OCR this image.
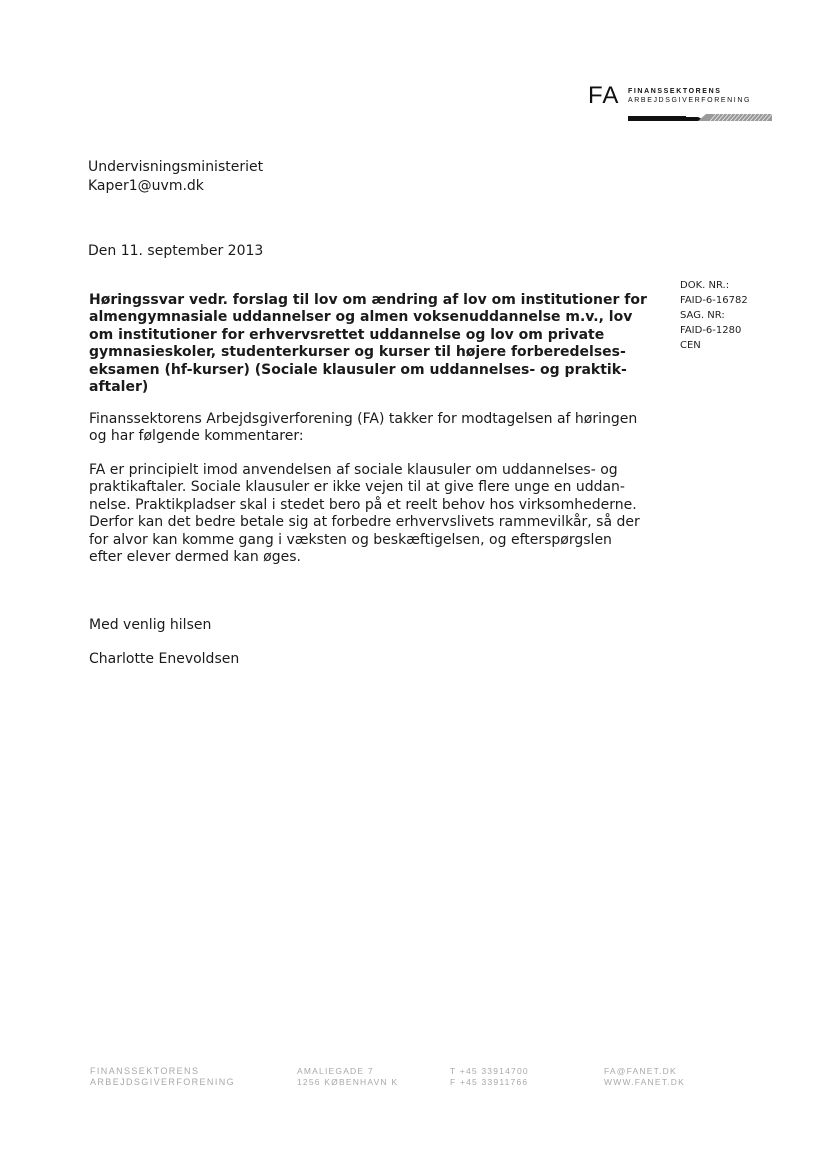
FA FINANSSEKTORENS
ARBEJDSGIVERFORENING
Undervisningsministeriet
Kaper1@uvm.dk
Den 11. september 2013
DOK. NR.:
FAID-6-16782
SAG. NR:
FAID-6-1280
CEN
Høringssvar vedr. forslag til lov om ændring af lov om institutioner for
almengymnasiale uddannelser og almen voksenuddannelse m.v., lov
om institutioner for erhvervsrettet uddannelse og lov om private
gymnasieskoler, studenterkurser og kurser til højere forberedelses-
eksamen (hf-kurser) (Sociale klausuler om uddannelses- og praktik-
aftaler)
Finanssektorens Arbejdsgiverforening (FA) takker for modtagelsen af høringen
og har følgende kommentarer:
FA er principielt imod anvendelsen af sociale klausuler om uddannelses- og
praktikaftaler. Sociale klausuler er ikke vejen til at give flere unge en uddan-
nelse. Praktikpladser skal i stedet bero på et reelt behov hos virksomhederne.
Derfor kan det bedre betale sig at forbedre erhvervslivets rammevilkår, så der
for alvor kan komme gang i væksten og beskæftigelsen, og efterspørgslen
efter elever dermed kan øges.
Med venlig hilsen
Charlotte Enevoldsen
FINANSSEKTORENS
ARBEJDSGIVERFORENING
AMALIEGADE 7
1256 KØBENHAVN K
T +45 33914700
F +45 33911766
FA@FANET.DK
WWW.FANET.DK
